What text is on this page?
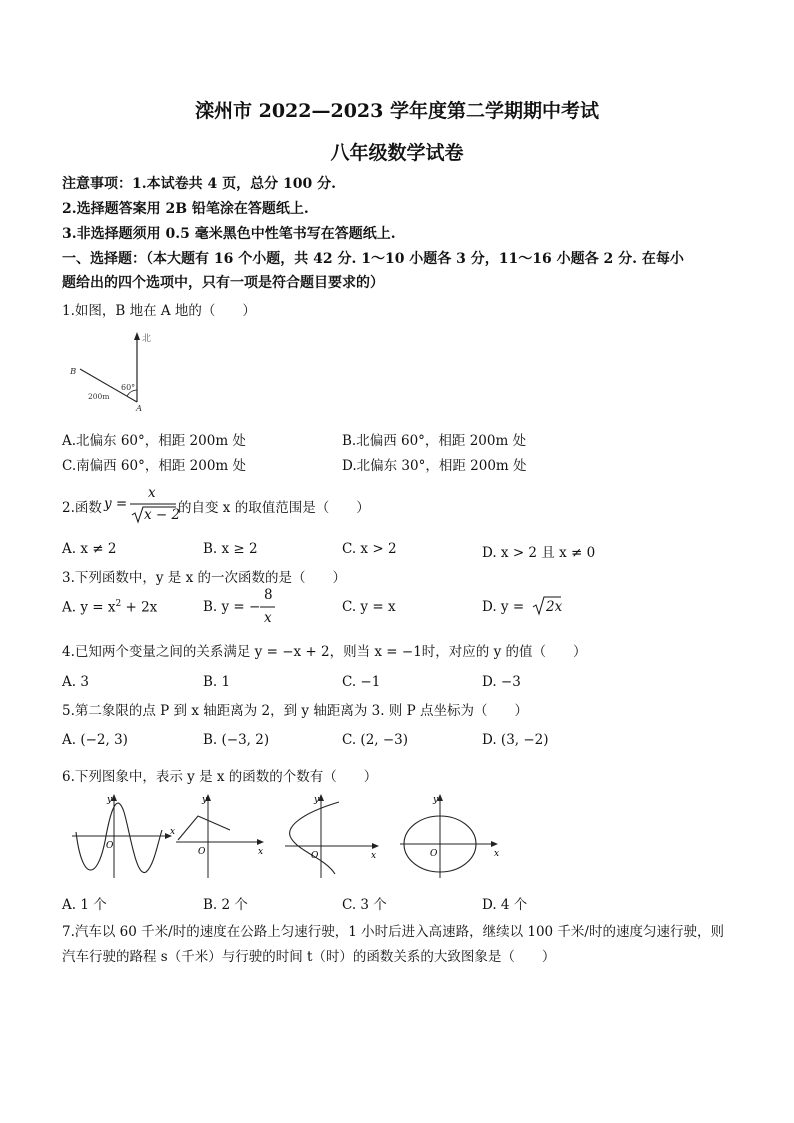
滦州市 2022—2023 学年度第二学期期中考试
八年级数学试卷
注意事项：1.本试卷共 4 页，总分 100 分.
2.选择题答案用 2B 铅笔涂在答题纸上.
3.非选择题须用 0.5 毫米黑色中性笔书写在答题纸上.
一、选择题：（本大题有 16 个小题，共 42 分. 1～10 小题各 3 分，11～16 小题各 2 分. 在每小
题给出的四个选项中，只有一项是符合题目要求的）
1.如图，B 地在 A 地的（　　）
北
60°
B
A
200m
A.北偏东 60°，相距 200m 处	B.北偏西 60°，相距 200m 处
C.南偏西 60°，相距 200m 处	D.北偏东 30°，相距 200m 处
2.函数 y =
x
x − 2
的自变 x 的取值范围是（　　）
A. x ≠ 2	B. x ≥ 2	C. x > 2	D. x > 2 且 x ≠ 0
3.下列函数中，y 是 x 的一次函数的是（　　）
A. $y = x^2 + 2x$	B. y = −
8
x
C. y = x	D. y = 2x
4.已知两个变量之间的关系满足 y = −x + 2，则当 x = −1时，对应的 y 的值（　　）
A. 3	B. 1	C. −1	D. −3
5.第二象限的点 P 到 x 轴距离为 2，到 y 轴距离为 3. 则 P 点坐标为（　　）
A. (−2, 3)	B. (−3, 2)	C. (2, −3)	D. (3, −2)
6.下列图象中，表示 y 是 x 的函数的个数有（　　）
y
x
O
y
x
O
y
x
O
y
x
O
A. 1 个	B. 2 个	C. 3 个	D. 4 个
7.汽车以 60 千米/时的速度在公路上匀速行驶，1 小时后进入高速路，继续以 100 千米/时的速度匀速行驶，则
汽车行驶的路程 s（千米）与行驶的时间 t（时）的函数关系的大致图象是（　　）
